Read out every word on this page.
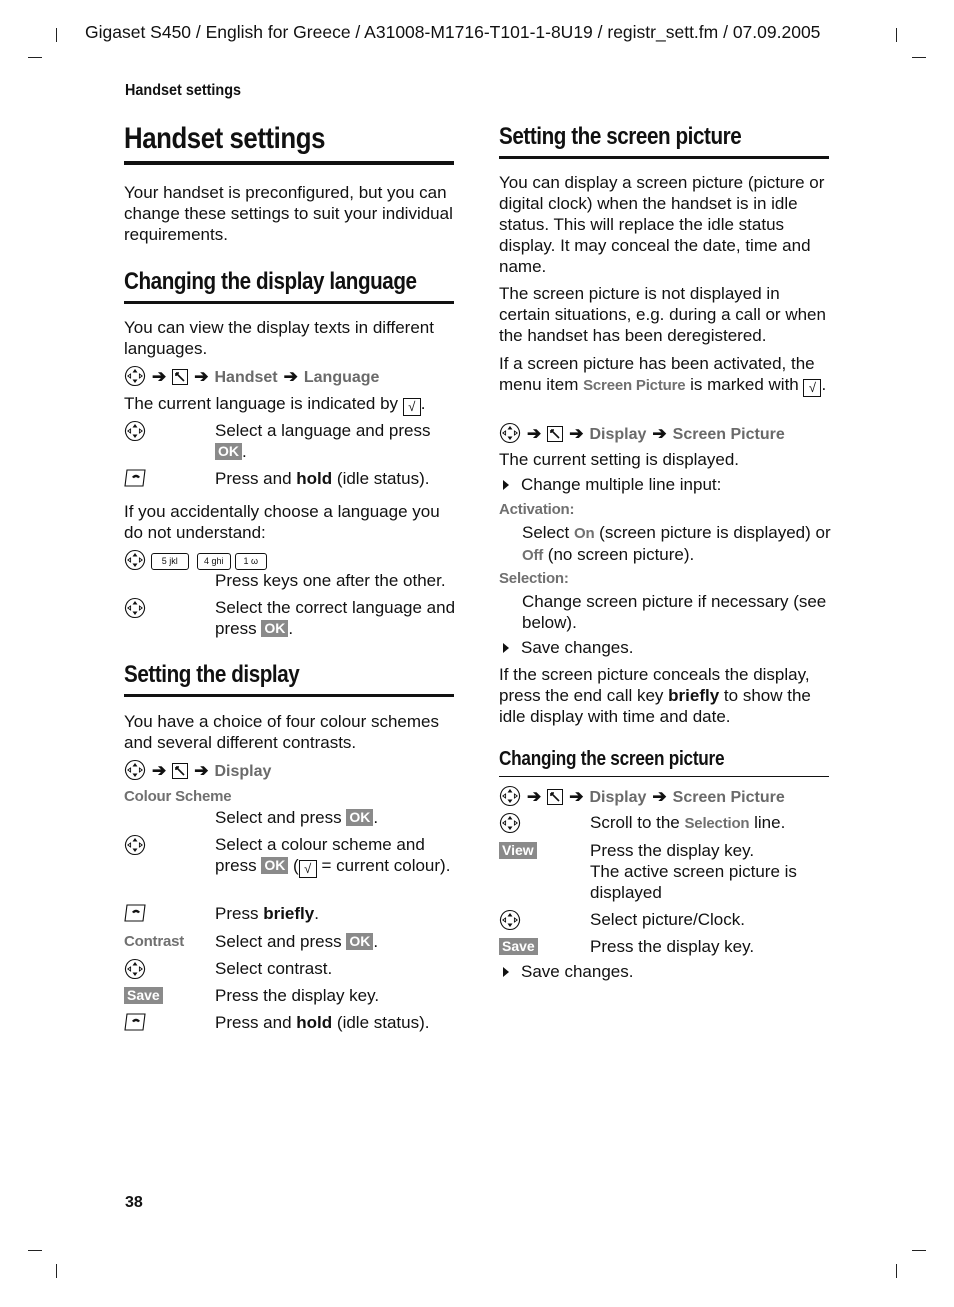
Gigaset S450 / English for Greece / A31008-M1716-T101-1-8U19 / registr_sett.fm / 07.09.2005
Handset settings
38
Handset settings

Your handset is preconfigured, but you can change these settings to suit your individual requirements.

Changing the display language

You can view the display texts in different languages.

➔ ➔ Handset ➔ Language
The current language is indicated by √ .
Select a language and press OK .
Press and hold (idle status).

If you accidentally choose a language you do not understand:

5 jkl	4 ghi 1 ω
Press keys one after the other.
Select the correct language and press OK .
Setting the display

You have a choice of four colour schemes and several different contrasts.

➔ ➔ Display
Colour Scheme
Select and press OK .
Select a colour scheme and press OK ( √ = current colour).
Press briefly.
Contrast	Select and press OK .
Select contrast.
Save	Press the display key.
Press and hold (idle status).
Setting the screen picture

You can display a screen picture (picture or digital clock) when the handset is in idle status. This will replace the idle status display. It may conceal the date, time and name.

The screen picture is not displayed in certain situations, e.g. during a call or when the handset has been deregistered.

If a screen picture has been activated, the menu item Screen Picture is marked with √ .

➔ ➔ Display ➔ Screen Picture

The current setting is displayed.

Change multiple line input:
Activation:
Select On (screen picture is displayed) or Off (no screen picture).
Selection:
Change screen picture if necessary (see below).
Save changes.

If the screen picture conceals the display, press the end call key briefly to show the idle display with time and date.

Changing the screen picture
➔ ➔ Display ➔ Screen Picture
Scroll to the Selection line.
View	Press the display key.
The active screen picture is displayed
Select picture/Clock.
Save	Press the display key.
Save changes.
